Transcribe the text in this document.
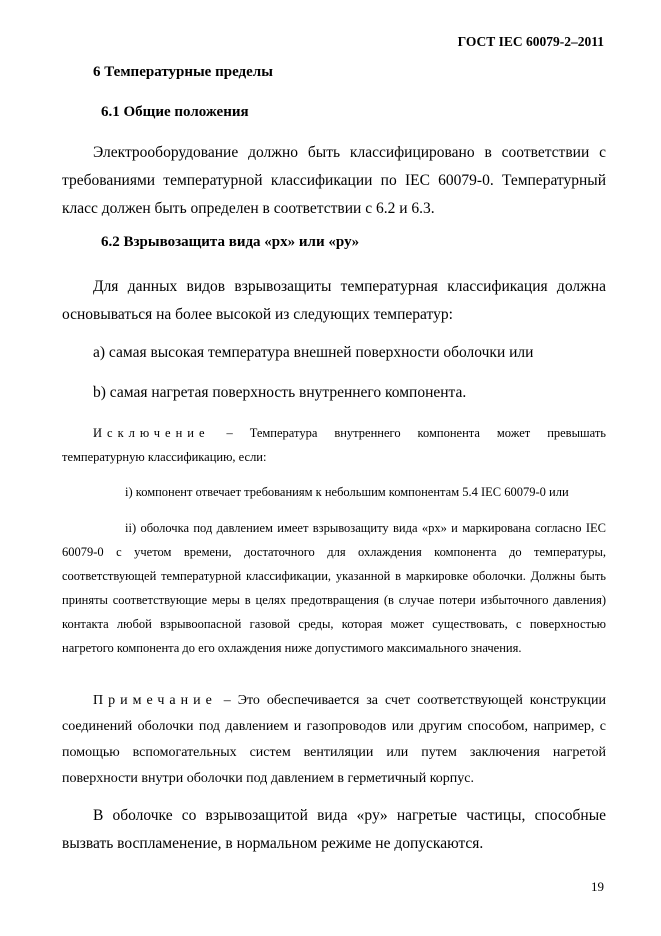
ГОСТ IEC 60079-2–2011
6 Температурные пределы
6.1 Общие положения

Электрооборудование должно быть классифицировано в соответствии с требованиями температурной классификации по IEC 60079-0. Температурный класс должен быть определен в соответствии с 6.2 и 6.3.

6.2 Взрывозащита вида «px» или «py»

Для данных видов взрывозащиты температурная классификация должна основываться на более высокой из следующих температур:

a) самая высокая температура внешней поверхности оболочки или

b) самая нагретая поверхность внутреннего компонента.

Исключение – Температура внутреннего компонента может превышать температурную классификацию, если:

i) компонент отвечает требованиям к небольшим компонентам 5.4 IEC 60079-0 или

ii) оболочка под давлением имеет взрывозащиту вида «px» и маркирована согласно IEC 60079-0 с учетом времени, достаточного для охлаждения компонента до температуры, соответствующей температурной классификации, указанной в маркировке оболочки. Должны быть приняты соответствующие меры в целях предотвращения (в случае потери избыточного давления) контакта любой взрывоопасной газовой среды, которая может существовать, с поверхностью нагретого компонента до его охлаждения ниже допустимого максимального значения.

Примечание – Это обеспечивается за счет соответствующей конструкции соединений оболочки под давлением и газопроводов или другим способом, например, с помощью вспомогательных систем вентиляции или путем заключения нагретой поверхности внутри оболочки под давлением в герметичный корпус.

В оболочке со взрывозащитой вида «py» нагретые частицы, способные вызвать воспламенение, в нормальном режиме не допускаются.

19
